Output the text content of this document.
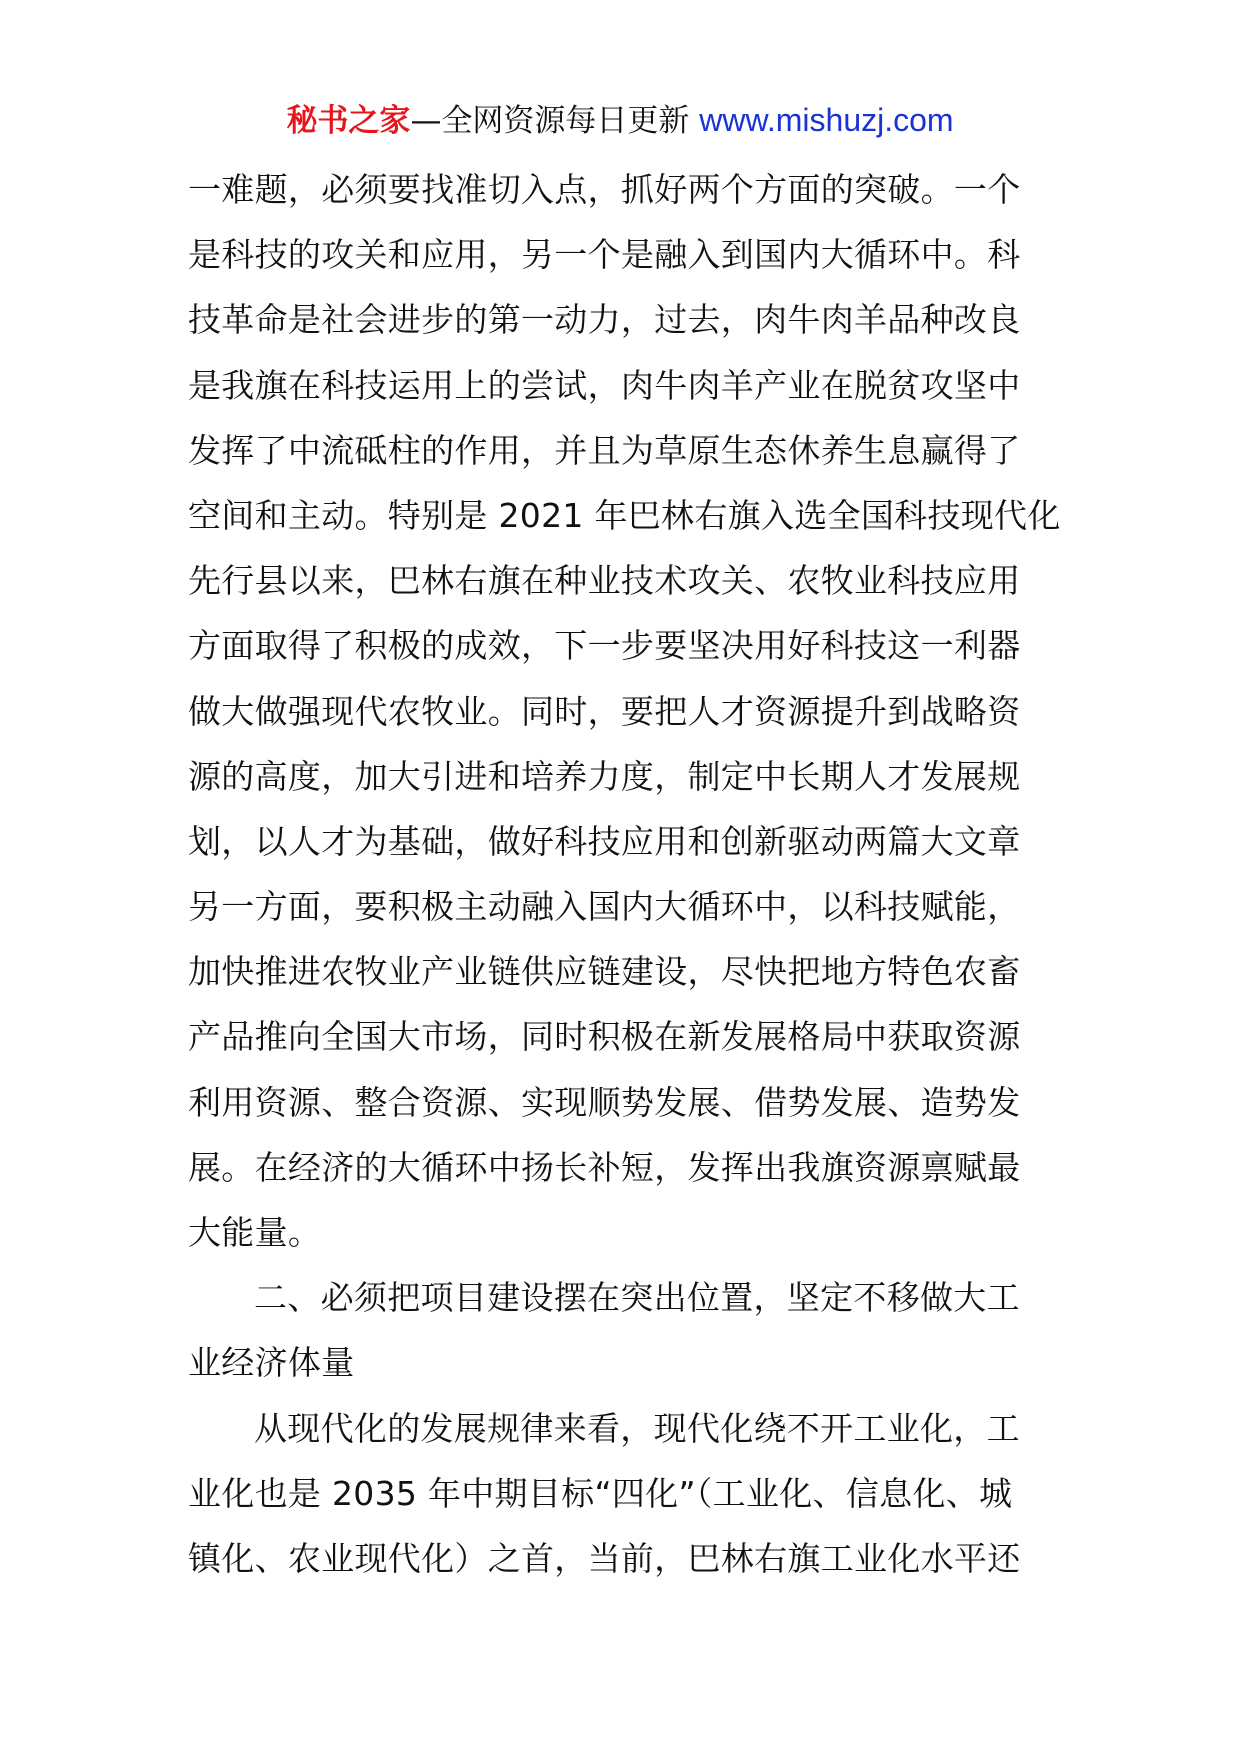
秘书之家—全网资源每日更新 www.mishuzj.com
一难题，必须要找准切入点，抓好两个方面的突破。一个
是科技的攻关和应用，另一个是融入到国内大循环中。科
技革命是社会进步的第一动力，过去，肉牛肉羊品种改良
是我旗在科技运用上的尝试，肉牛肉羊产业在脱贫攻坚中
发挥了中流砥柱的作用，并且为草原生态休养生息赢得了
空间和主动。特别是 2021 年巴林右旗入选全国科技现代化
先行县以来，巴林右旗在种业技术攻关、农牧业科技应用
方面取得了积极的成效，下一步要坚决用好科技这一利器
做大做强现代农牧业。同时，要把人才资源提升到战略资
源的高度，加大引进和培养力度，制定中长期人才发展规
划，以人才为基础，做好科技应用和创新驱动两篇大文章
另一方面，要积极主动融入国内大循环中，以科技赋能，
加快推进农牧业产业链供应链建设，尽快把地方特色农畜
产品推向全国大市场，同时积极在新发展格局中获取资源
利用资源、整合资源、实现顺势发展、借势发展、造势发
展。在经济的大循环中扬长补短，发挥出我旗资源禀赋最
大能量。
二、必须把项目建设摆在突出位置，坚定不移做大工
业经济体量
从现代化的发展规律来看，现代化绕不开工业化，工
业化也是 2035 年中期目标“四化”（工业化、信息化、城
镇化、农业现代化）之首，当前，巴林右旗工业化水平还
